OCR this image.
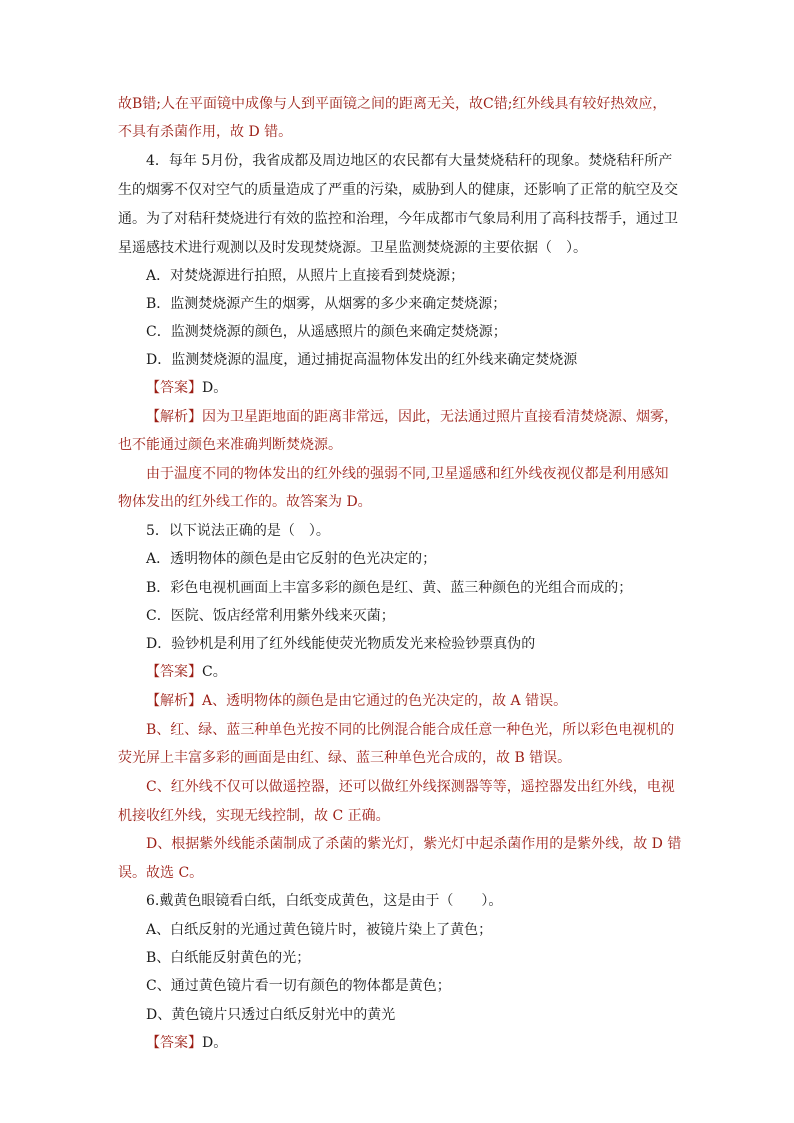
故B错;人在平面镜中成像与人到平面镜之间的距离无关，故C错;红外线具有较好热效应，
不具有杀菌作用，故 D 错。
4．每年 5月份，我省成都及周边地区的农民都有大量焚烧秸秆的现象。焚烧秸秆所产
生的烟雾不仅对空气的质量造成了严重的污染，威胁到人的健康，还影响了正常的航空及交
通。为了对秸秆焚烧进行有效的监控和治理，今年成都市气象局利用了高科技帮手，通过卫
星遥感技术进行观测以及时发现焚烧源。卫星监测焚烧源的主要依据（　）。
A．对焚烧源进行拍照，从照片上直接看到焚烧源；
B．监测焚烧源产生的烟雾，从烟雾的多少来确定焚烧源；
C．监测焚烧源的颜色，从遥感照片的颜色来确定焚烧源；
D．监测焚烧源的温度，通过捕捉高温物体发出的红外线来确定焚烧源
【答案】D。
【解析】因为卫星距地面的距离非常远，因此，无法通过照片直接看清焚烧源、烟雾，
也不能通过颜色来准确判断焚烧源。
由于温度不同的物体发出的红外线的强弱不同,卫星遥感和红外线夜视仪都是利用感知
物体发出的红外线工作的。故答案为 D。
5．以下说法正确的是（　）。
A．透明物体的颜色是由它反射的色光决定的；
B．彩色电视机画面上丰富多彩的颜色是红、黄、蓝三种颜色的光组合而成的；
C．医院、饭店经常利用紫外线来灭菌；
D．验钞机是利用了红外线能使荧光物质发光来检验钞票真伪的
【答案】C。
【解析】A、透明物体的颜色是由它通过的色光决定的，故 A 错误。
B、红、绿、蓝三种单色光按不同的比例混合能合成任意一种色光，所以彩色电视机的
荧光屏上丰富多彩的画面是由红、绿、蓝三种单色光合成的，故 B 错误。
C、红外线不仅可以做遥控器，还可以做红外线探测器等等，遥控器发出红外线，电视
机接收红外线，实现无线控制，故 C 正确。
D、根据紫外线能杀菌制成了杀菌的紫光灯，紫光灯中起杀菌作用的是紫外线，故 D 错
误。故选 C。
6.戴黄色眼镜看白纸，白纸变成黄色，这是由于（　　）。
A、白纸反射的光通过黄色镜片时，被镜片染上了黄色；
B、白纸能反射黄色的光；
C、通过黄色镜片看一切有颜色的物体都是黄色；
D、黄色镜片只透过白纸反射光中的黄光
【答案】D。
